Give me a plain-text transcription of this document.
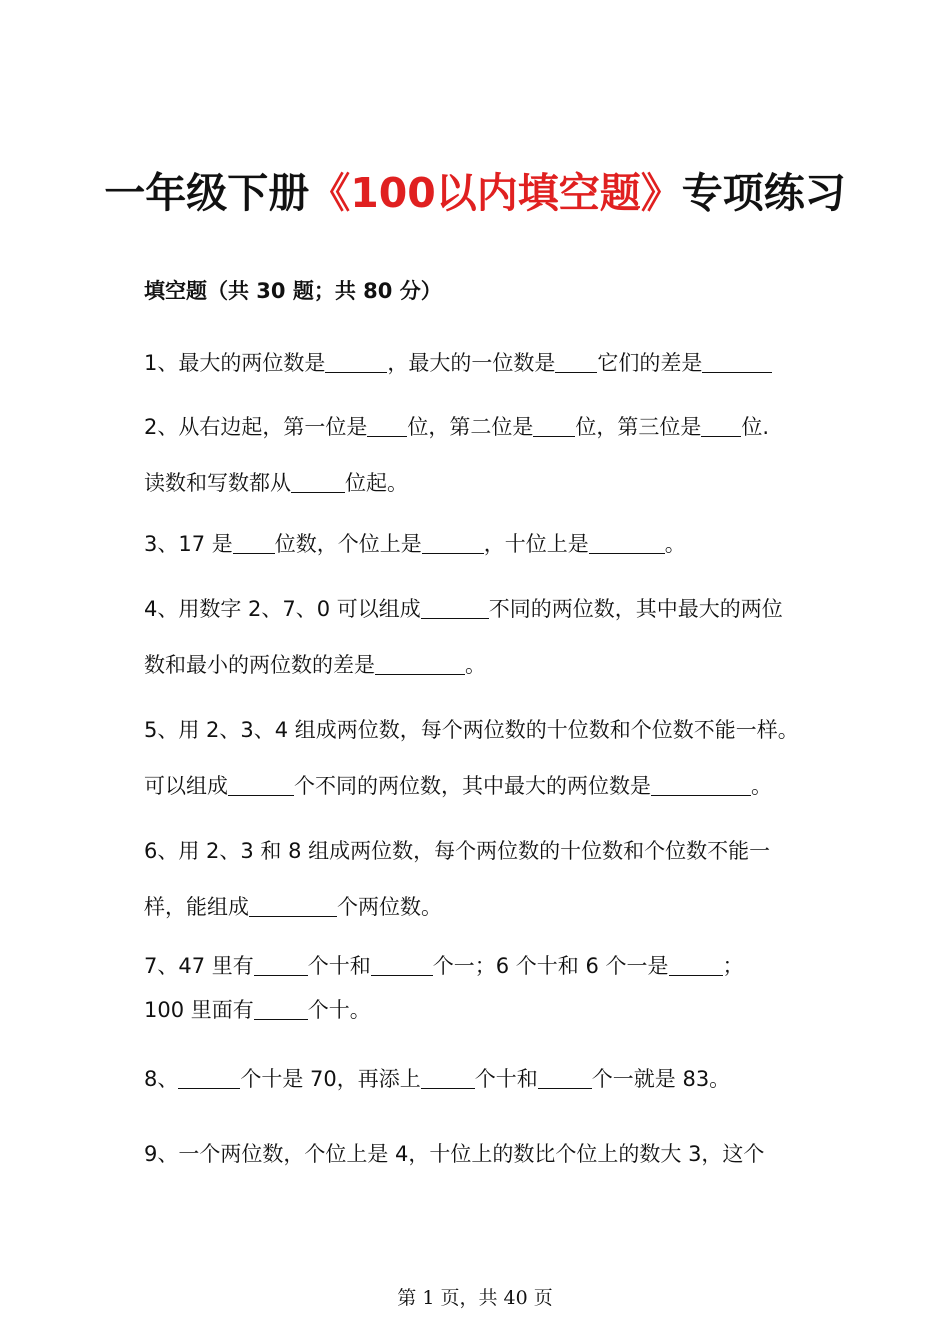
一年级下册《100以内填空题》专项练习
填空题（共 30 题；共 80 分）
1、最大的两位数是	，最大的一位数是 它们的差是
2、从右边起，第一位是 位，第二位是 位，第三位是 位.
读数和写数都从	位起。
3、17 是 位数，个位上是	，十位上是	。
4、用数字 2、7、0 可以组成	不同的两位数，其中最大的两位
数和最小的两位数的差是	。
5、用 2、3、4 组成两位数，每个两位数的十位数和个位数不能一样。
可以组成	个不同的两位数，其中最大的两位数是	。
6、用 2、3 和 8 组成两位数，每个两位数的十位数和个位数不能一
样，能组成	个两位数。
7、47 里有	个十和	个一；6 个十和 6 个一是	；
100 里面有	个十。
8、	个十是 70，再添上	个十和	个一就是 83。
9、一个两位数，个位上是 4，十位上的数比个位上的数大 3，这个
第 1 页，共 40 页
